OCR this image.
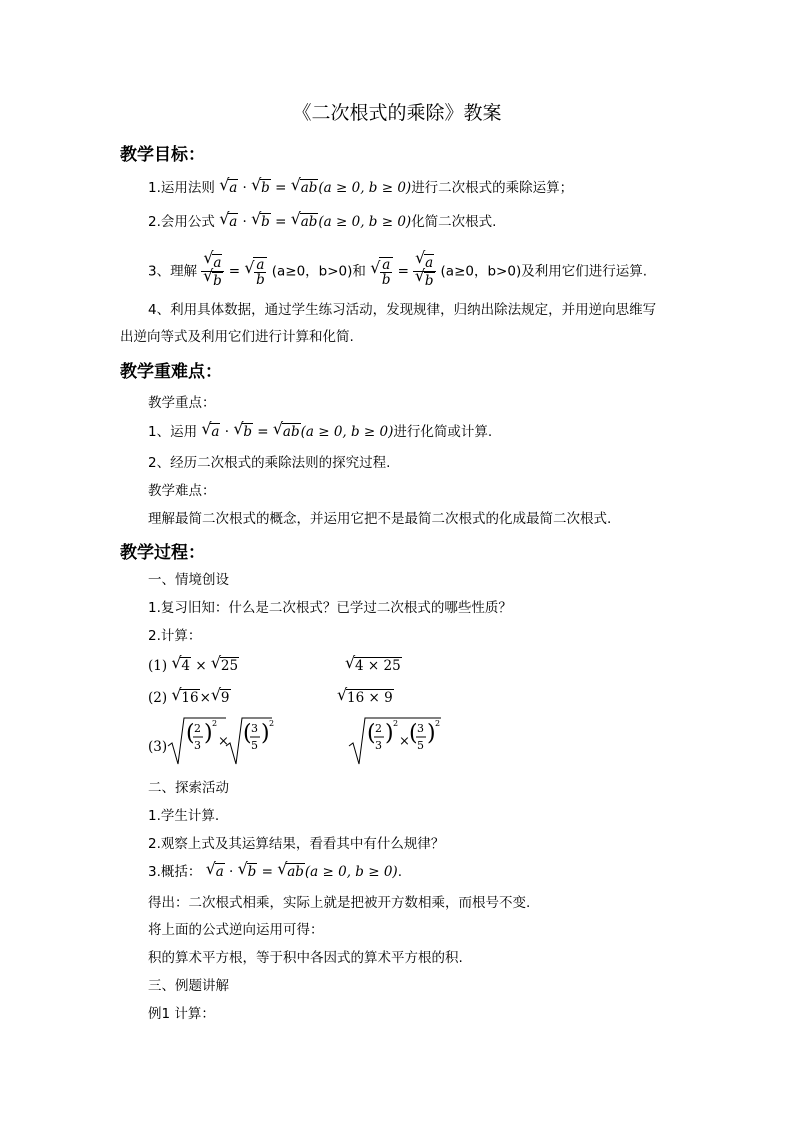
《二次根式的乘除》教案
教学目标：
1.运用法则 √ a · √ b = √ ab(a ≥ 0, b ≥ 0)进行二次根式的乘除运算；
2.会用公式 √ a · √ b = √ ab(a ≥ 0, b ≥ 0)化简二次根式.
3、理解 √ a
√ b = √ $\frac{a}{b} (a\ge 0$，b>0)和 √ $\frac{a}{b}$ = √ a
√ b (a≥0，b>0)及利用它们进行运算.
4、利用具体数据，通过学生练习活动，发现规律，归纳出除法规定，并用逆向思维写
出逆向等式及利用它们进行计算和化简.
教学重难点：
教学重点：
1、运用 √ a · √ b = √ ab(a ≥ 0, b ≥ 0)进行化简或计算.
2、经历二次根式的乘除法则的探究过程.
教学难点：
理解最简二次根式的概念，并运用它把不是最简二次根式的化成最简二次根式.
教学过程：
一、情境创设
1.复习旧知：什么是二次根式？已学过二次根式的哪些性质？
2.计算：
(1) √ 4 × √ 25	√ 4 × 25
(2) √ 16× √ 9	√ 16 × 9
(3)
( 2
3 ) 2
× ( 3
5 ) 2	( 2
3 ) 2
× ( 3
5 ) 2
二、探索活动
1.学生计算.
2.观察上式及其运算结果，看看其中有什么规律？
3.概括： √ a · √ b = √ ab(a ≥ 0, b ≥ 0).
得出：二次根式相乘，实际上就是把被开方数相乘，而根号不变.
将上面的公式逆向运用可得：
积的算术平方根，等于积中各因式的算术平方根的积.
三、例题讲解
例1 计算：
